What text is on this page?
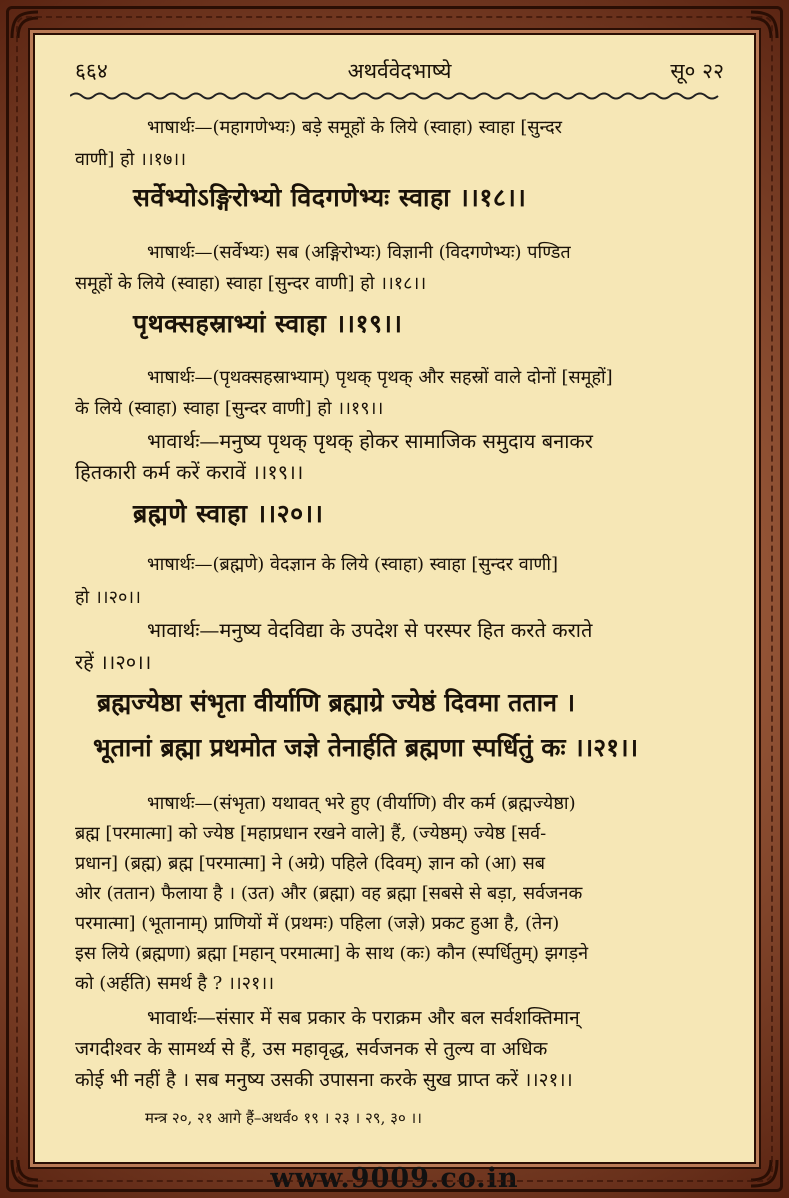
६६४	अथर्ववेदभाष्ये	सू० २२
भाषार्थः—(महागणेभ्यः) बड़े समूहों के लिये (स्वाहा) स्वाहा [सुन्दर
वाणी] हो ।।१७।।
सर्वेभ्योऽङ्गिरोभ्यो विदगणेभ्यः स्वाहा ।।१८।।
भाषार्थः—(सर्वेभ्यः) सब (अङ्गिरोभ्यः) विज्ञानी (विदगणेभ्यः) पण्डित
समूहों के लिये (स्वाहा) स्वाहा [सुन्दर वाणी] हो ।।१८।।
पृथक्सहस्राभ्यां स्वाहा ।।१९।।
भाषार्थः—(पृथक्सहस्राभ्याम्) पृथक् पृथक् और सहस्रों वाले दोनों [समूहों]
के लिये (स्वाहा) स्वाहा [सुन्दर वाणी] हो ।।१९।।
भावार्थः—मनुष्य पृथक् पृथक् होकर सामाजिक समुदाय बनाकर
हितकारी कर्म करें करावें ।।१९।।
ब्रह्मणे स्वाहा ।।२०।।
भाषार्थः—(ब्रह्मणे) वेदज्ञान के लिये (स्वाहा) स्वाहा [सुन्दर वाणी]
हो ।।२०।।
भावार्थः—मनुष्य वेदविद्या के उपदेश से परस्पर हित करते कराते
रहें ।।२०।।
ब्रह्मज्येष्ठा संभृता वीर्याणि ब्रह्माग्रे ज्येष्ठं दिवमा ततान ।
भूतानां ब्रह्मा प्रथमोत जज्ञे तेनार्हति ब्रह्मणा स्पर्धितुं कः ।।२१।।
भाषार्थः—(संभृता) यथावत् भरे हुए (वीर्याणि) वीर कर्म (ब्रह्मज्येष्ठा)
ब्रह्म [परमात्मा] को ज्येष्ठ [महाप्रधान रखने वाले] हैं, (ज्येष्ठम्) ज्येष्ठ [सर्व-
प्रधान] (ब्रह्म) ब्रह्म [परमात्मा] ने (अग्रे) पहिले (दिवम्) ज्ञान को (आ) सब
ओर (ततान) फैलाया है । (उत) और (ब्रह्मा) वह ब्रह्मा [सबसे से बड़ा, सर्वजनक
परमात्मा] (भूतानाम्) प्राणियों में (प्रथमः) पहिला (जज्ञे) प्रकट हुआ है, (तेन)
इस लिये (ब्रह्मणा) ब्रह्मा [महान् परमात्मा] के साथ (कः) कौन (स्पर्धितुम्) झगड़ने
को (अर्हति) समर्थ है ? ।।२१।।
भावार्थः—संसार में सब प्रकार के पराक्रम और बल सर्वशक्तिमान्
जगदीश्वर के सामर्थ्य से हैं, उस महावृद्ध, सर्वजनक से तुल्य वा अधिक
कोई भी नहीं है । सब मनुष्य उसकी उपासना करके सुख प्राप्त करें ।।२१।।
मन्त्र २०, २१ आगे हैं–अथर्व० १९ । २३ । २९, ३० ।।
www.9009.co.in
